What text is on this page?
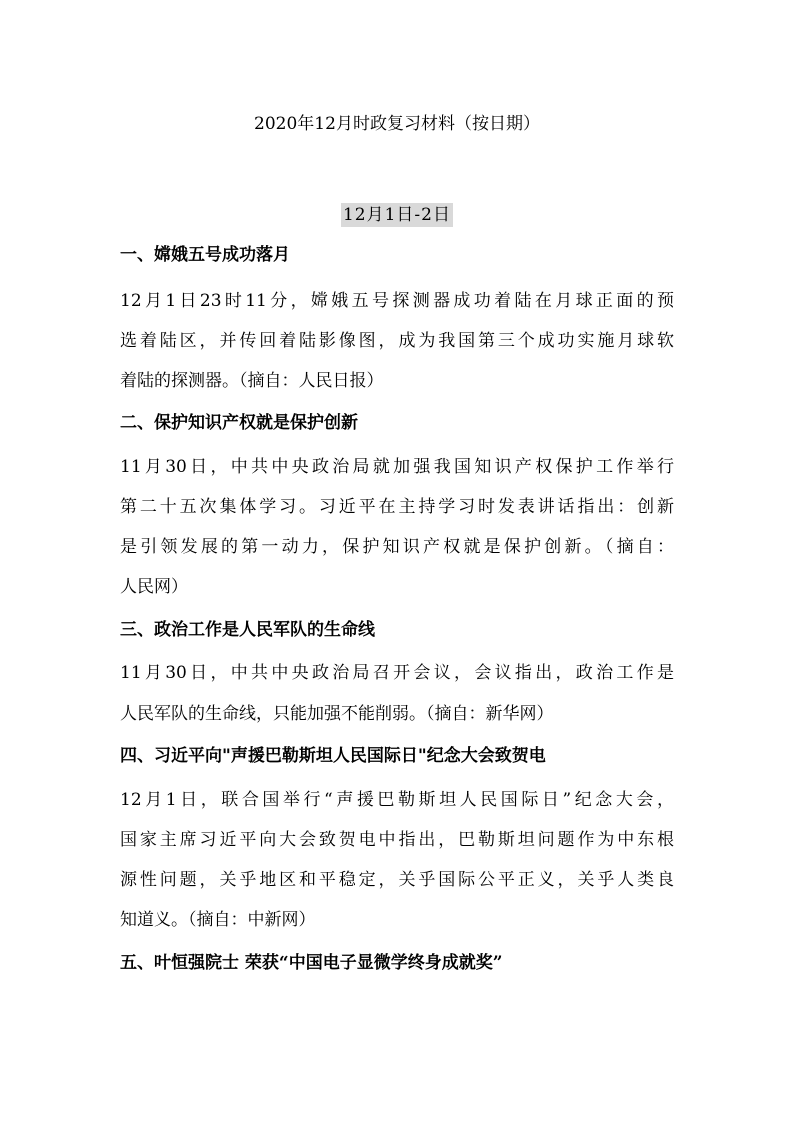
2020年12月时政复习材料（按日期）
12月1日-2日
一、嫦娥五号成功落月
12月1日23时11分，嫦娥五号探测器成功着陆在月球正面的预
选着陆区，并传回着陆影像图，成为我国第三个成功实施月球软
着陆的探测器。（摘自：人民日报）
二、保护知识产权就是保护创新
11月30日，中共中央政治局就加强我国知识产权保护工作举行
第二十五次集体学习。习近平在主持学习时发表讲话指出：创新
是引领发展的第一动力，保护知识产权就是保护创新。（摘自：
人民网）
三、政治工作是人民军队的生命线
11月30日，中共中央政治局召开会议，会议指出，政治工作是
人民军队的生命线，只能加强不能削弱。（摘自：新华网）
四、习近平向"声援巴勒斯坦人民国际日"纪念大会致贺电
12月1日，联合国举行“声援巴勒斯坦人民国际日”纪念大会，
国家主席习近平向大会致贺电中指出，巴勒斯坦问题作为中东根
源性问题，关乎地区和平稳定，关乎国际公平正义，关乎人类良
知道义。（摘自：中新网）
五、叶恒强院士 荣获“中国电子显微学终身成就奖”
